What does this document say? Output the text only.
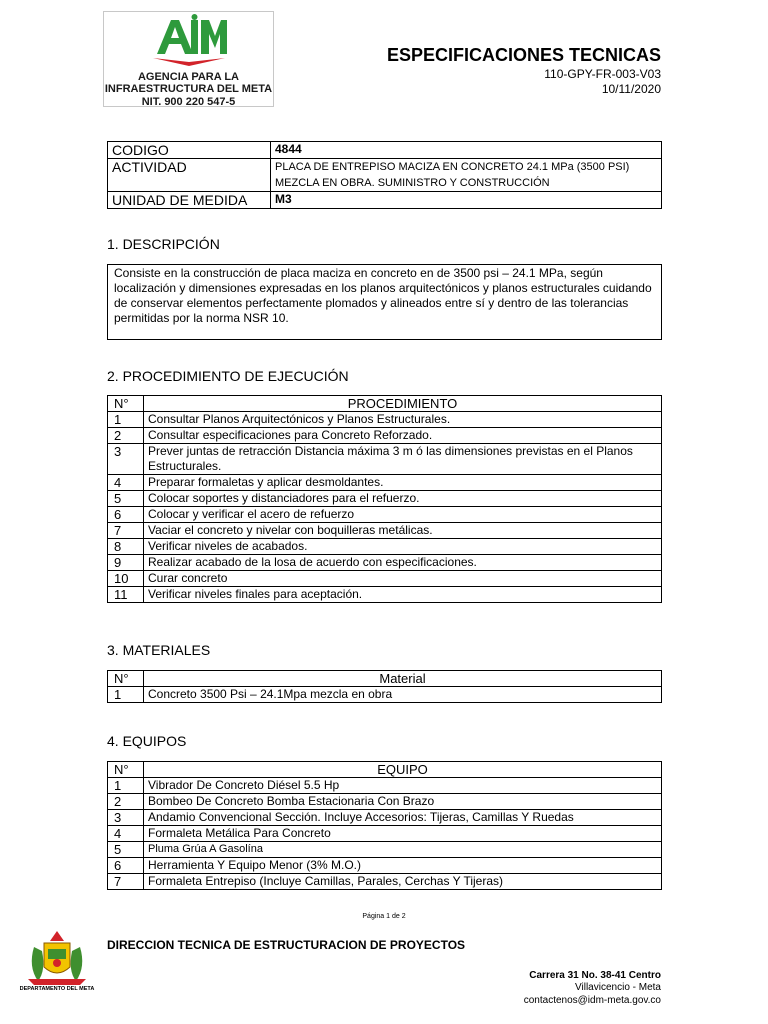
AGENCIA PARA LA
INFRAESTRUCTURA DEL META
NIT. 900 220 547-5
ESPECIFICACIONES TECNICAS
110-GPY-FR-003-V03
10/11/2020
CODIGO	4844
ACTIVIDAD	PLACA DE ENTREPISO MACIZA EN CONCRETO 24.1 MPa (3500 PSI) MEZCLA EN OBRA. SUMINISTRO Y CONSTRUCCIÓN
UNIDAD DE MEDIDA	M3
1. DESCRIPCIÓN
Consiste en la construcción de placa maciza en concreto en de 3500 psi – 24.1 MPa, según localización y dimensiones expresadas en los planos arquitectónicos y planos estructurales cuidando de conservar elementos perfectamente plomados y alineados entre sí y dentro de las tolerancias permitidas por la norma NSR 10.
2. PROCEDIMIENTO DE EJECUCIÓN
N°	PROCEDIMIENTO
1	Consultar Planos Arquitectónicos y Planos Estructurales.
2	Consultar especificaciones para Concreto Reforzado.
3	Prever juntas de retracción Distancia máxima 3 m ó las dimensiones previstas en el Planos Estructurales.
4	Preparar formaletas y aplicar desmoldantes.
5	Colocar soportes y distanciadores para el refuerzo.
6	Colocar y verificar el acero de refuerzo
7	Vaciar el concreto y nivelar con boquilleras metálicas.
8	Verificar niveles de acabados.
9	Realizar acabado de la losa de acuerdo con especificaciones.
10	Curar concreto
11	Verificar niveles finales para aceptación.
3. MATERIALES
N°	Material
1	Concreto 3500 Psi – 24.1Mpa mezcla en obra
4. EQUIPOS
N°	EQUIPO
1	Vibrador De Concreto Diésel 5.5 Hp
2	Bombeo De Concreto Bomba Estacionaria Con Brazo
3	Andamio Convencional Sección. Incluye Accesorios: Tijeras, Camillas Y Ruedas
4	Formaleta Metálica Para Concreto
5	Pluma Grúa A Gasolína
6	Herramienta Y Equipo Menor (3% M.O.)
7	Formaleta Entrepiso (Incluye Camillas, Parales, Cerchas Y Tijeras)
Página 1 de 2
DEPARTAMENTO DEL META
DIRECCION TECNICA DE ESTRUCTURACION DE PROYECTOS
Carrera 31 No. 38-41 Centro
Villavicencio - Meta
contactenos@idm-meta.gov.co
